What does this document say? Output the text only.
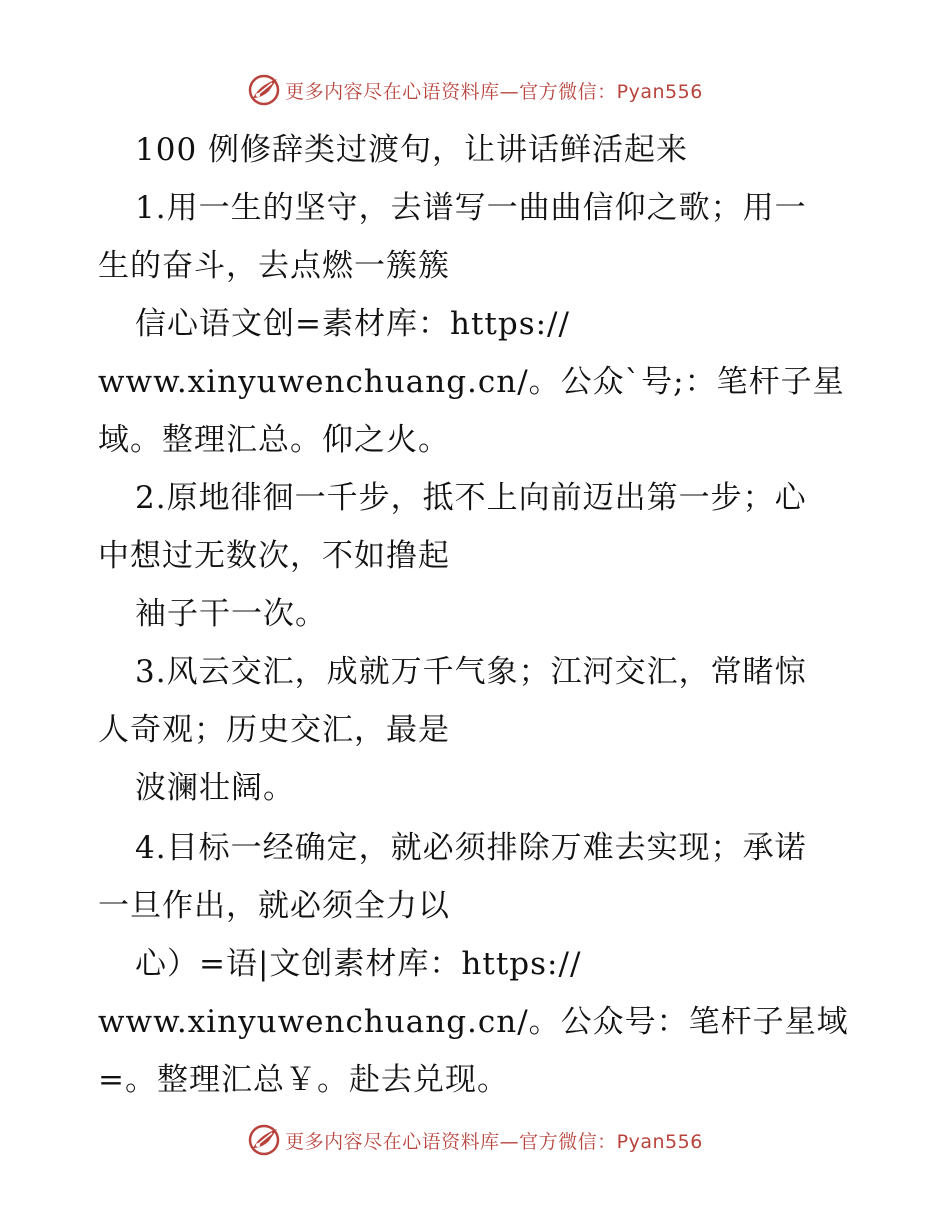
更多内容尽在心语资料库—官方微信：Pyan556
100 例修辞类过渡句，让讲话鲜活起来
1.用一生的坚守，去谱写一曲曲信仰之歌；用一
生的奋斗，去点燃一簇簇
信心语文创=素材库：https://
www.xinyuwenchuang.cn/。公众`号;：笔杆子星
域。整理汇总。仰之火。
2.原地徘徊一千步，抵不上向前迈出第一步；心
中想过无数次，不如撸起
袖子干一次。
3.风云交汇，成就万千气象；江河交汇，常睹惊
人奇观；历史交汇，最是
波澜壮阔。
4.目标一经确定，就必须排除万难去实现；承诺
一旦作出，就必须全力以
心）=语|文创素材库：https://
www.xinyuwenchuang.cn/。公众号：笔杆子星域
=。整理汇总￥。赴去兑现。
更多内容尽在心语资料库—官方微信：Pyan556
